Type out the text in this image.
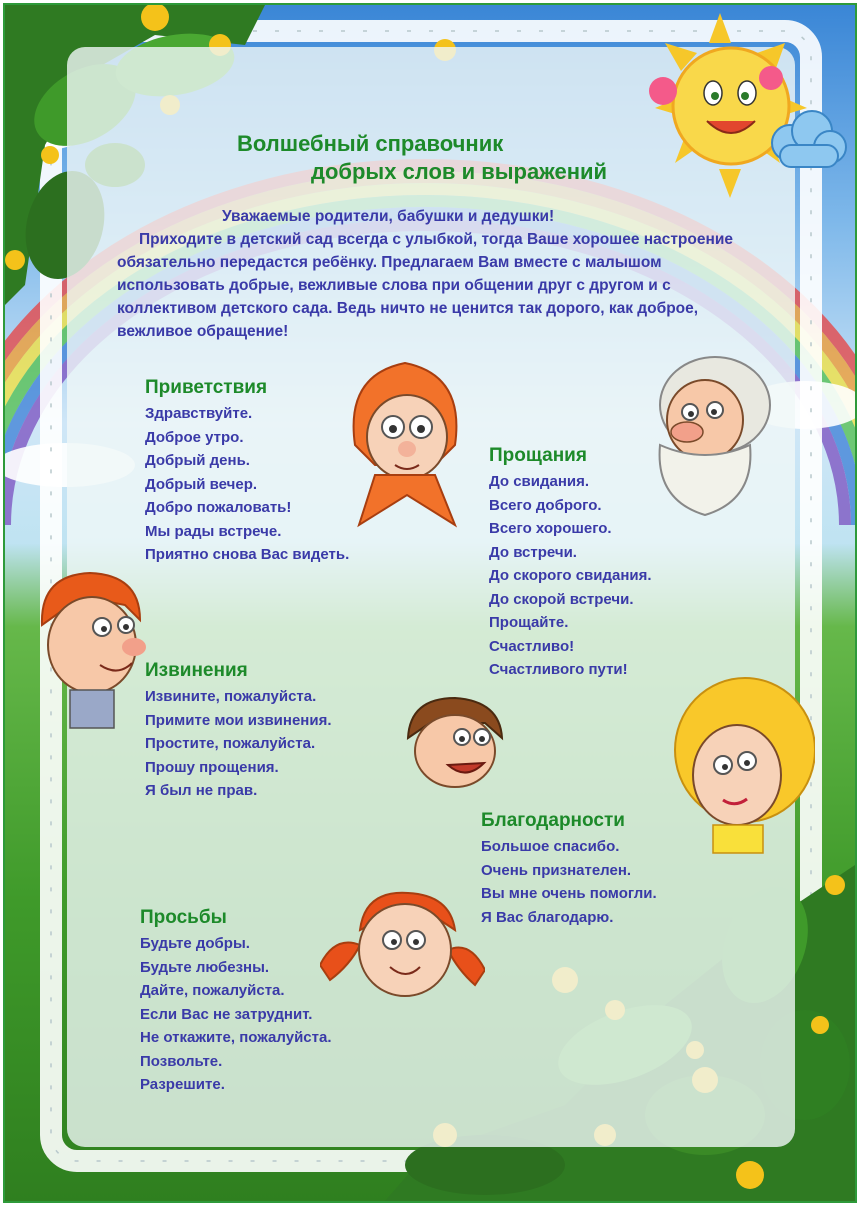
Волшебный справочник
добрых слов и выражений
Уважаемые родители, бабушки и дедушки!
Приходите в детский сад всегда с улыбкой, тогда Ваше хорошее настроение обязательно передастся ребёнку. Предлагаем Вам вместе с малышом использовать добрые, вежливые слова при общении друг с другом и с коллективом детского сада. Ведь ничто не ценится так дорого, как доброе, вежливое обращение!
Приветствия
Здравствуйте.
Доброе утро.
Добрый день.
Добрый вечер.
Добро пожаловать!
Мы рады встрече.
Приятно снова Вас видеть.
Прощания
До свидания.
Всего доброго.
Всего хорошего.
До встречи.
До скорого свидания.
До скорой встречи.
Прощайте.
Счастливо!
Счастливого пути!
Извинения
Извините, пожалуйста.
Примите мои извинения.
Простите, пожалуйста.
Прошу прощения.
Я был не прав.
Благодарности
Большое спасибо.
Очень признателен.
Вы мне очень помогли.
Я Вас благодарю.
Просьбы
Будьте добры.
Будьте любезны.
Дайте, пожалуйста.
Если Вас не затруднит.
Не откажите, пожалуйста.
Позвольте.
Разрешите.
